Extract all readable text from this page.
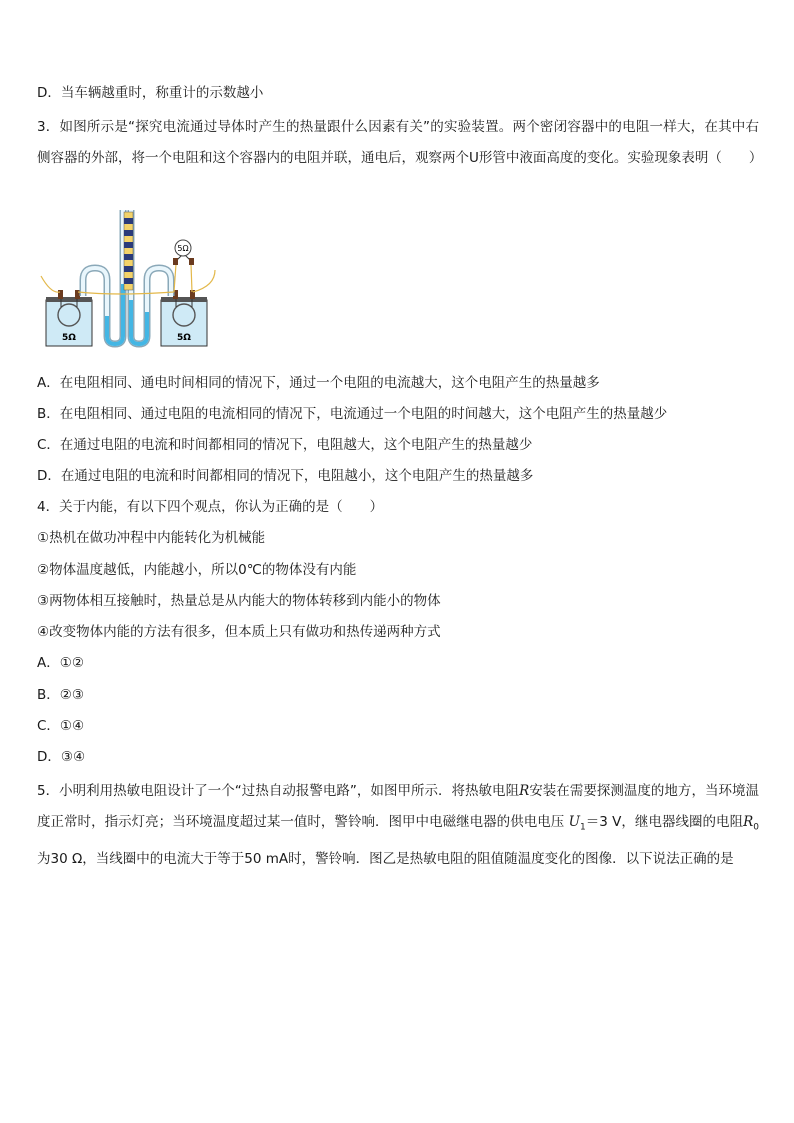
D．当车辆越重时，称重计的示数越小
3．如图所示是“探究电流通过导体时产生的热量跟什么因素有关”的实验装置。两个密闭容器中的电阻一样大，在其中右侧容器的外部，将一个电阻和这个容器内的电阻并联，通电后，观察两个U形管中液面高度的变化。实验现象表明（　　）
5Ω	5Ω
5Ω
A．在电阻相同、通电时间相同的情况下，通过一个电阻的电流越大，这个电阻产生的热量越多
B．在电阻相同、通过电阻的电流相同的情况下，电流通过一个电阻的时间越大，这个电阻产生的热量越少
C．在通过电阻的电流和时间都相同的情况下，电阻越大，这个电阻产生的热量越少
D．在通过电阻的电流和时间都相同的情况下，电阻越小，这个电阻产生的热量越多
4．关于内能，有以下四个观点，你认为正确的是（　　）
①热机在做功冲程中内能转化为机械能
②物体温度越低，内能越小，所以0℃的物体没有内能
③两物体相互接触时，热量总是从内能大的物体转移到内能小的物体
④改变物体内能的方法有很多，但本质上只有做功和热传递两种方式
A．①②
B．②③
C．①④
D．③④
5．小明利用热敏电阻设计了一个“过热自动报警电路”，如图甲所示．将热敏电阻R安装在需要探测温度的地方，当环境温度正常时，指示灯亮；当环境温度超过某一值时，警铃响．图甲中电磁继电器的供电电压 $U_1=3$ V，继电器线圈的电阻$R_0$为30 Ω，当线圈中的电流大于等于50 mA时，警铃响．图乙是热敏电阻的阻值随温度变化的图像．以下说法正确的是
